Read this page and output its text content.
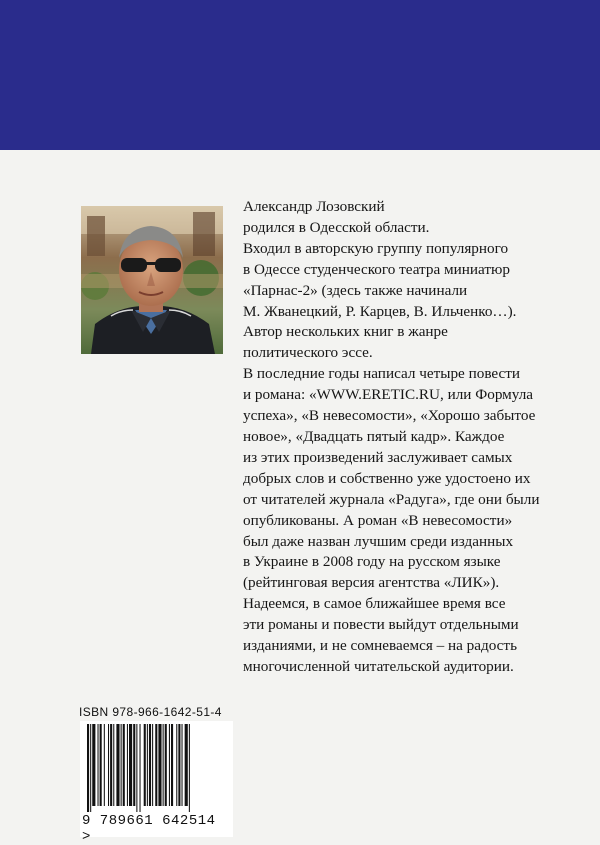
Александр Лозовский
родился в Одесской области.
Входил в авторскую группу популярного
в Одессе студенческого театра миниатюр
«Парнас-2» (здесь также начинали
М. Жванецкий, Р. Карцев, В. Ильченко…).
Автор нескольких книг в жанре
политического эссе.
В последние годы написал четыре повести
и романа: «WWW.ERETIC.RU, или Формула
успеха», «В невесомости», «Хорошо забытое
новое», «Двадцать пятый кадр». Каждое
из этих произведений заслуживает самых
добрых слов и собственно уже удостоено их
от читателей журнала «Радуга», где они были
опубликованы. А роман «В невесомости»
был даже назван лучшим среди изданных
в Украине в 2008 году на русском языке
(рейтинговая версия агентства «ЛИК»).
Надеемся, в самое ближайшее время все
эти романы и повести выйдут отдельными
изданиями, и не сомневаемся – на радость
многочисленной читательской аудитории.
ISBN 978-966-1642-51-4
9 789661 642514 >
